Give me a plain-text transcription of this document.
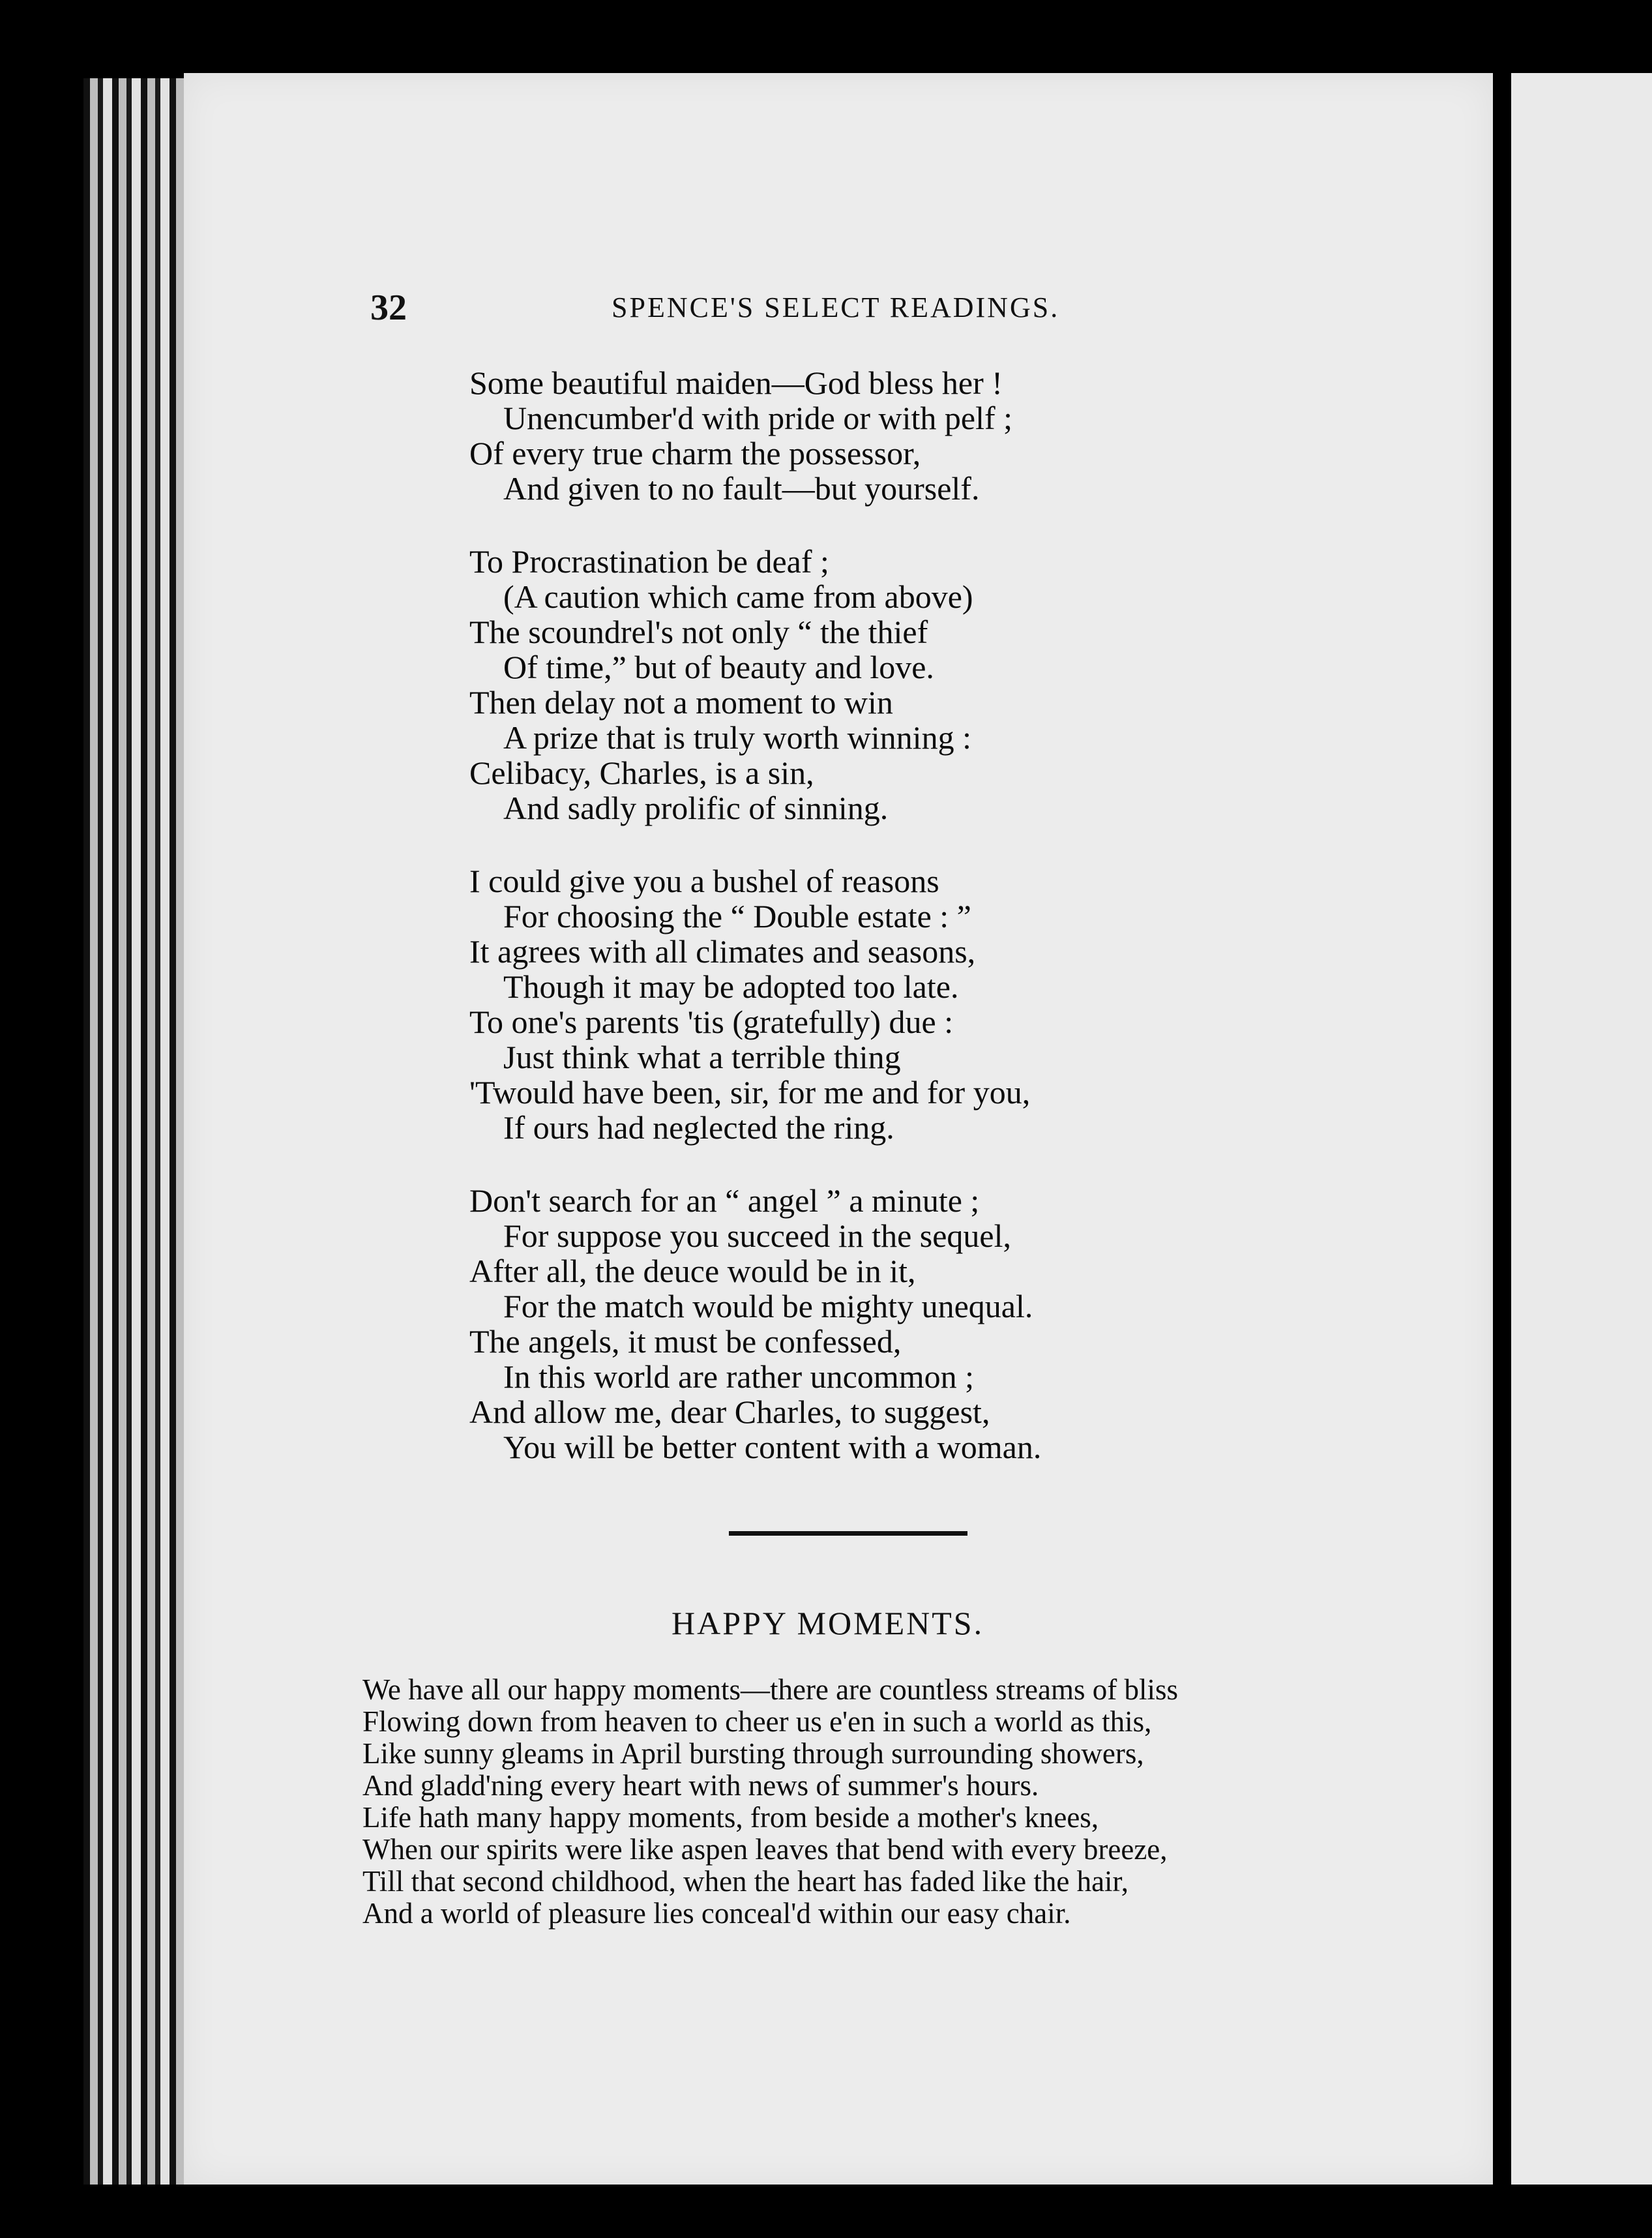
32	SPENCE'S SELECT READINGS.
Some beautiful maiden—God bless her !
Unencumber'd with pride or with pelf ;
Of every true charm the possessor,
And given to no fault—but yourself.
To Procrastination be deaf ;
(A caution which came from above)
The scoundrel's not only “ the thief
Of time,” but of beauty and love.
Then delay not a moment to win
A prize that is truly worth winning :
Celibacy, Charles, is a sin,
And sadly prolific of sinning.
I could give you a bushel of reasons
For choosing the “ Double estate : ”
It agrees with all climates and seasons,
Though it may be adopted too late.
To one's parents 'tis (gratefully) due :
Just think what a terrible thing
'Twould have been, sir, for me and for you,
If ours had neglected the ring.
Don't search for an “ angel ” a minute ;
For suppose you succeed in the sequel,
After all, the deuce would be in it,
For the match would be mighty unequal.
The angels, it must be confessed,
In this world are rather uncommon ;
And allow me, dear Charles, to suggest,
You will be better content with a woman.
HAPPY MOMENTS.
We have all our happy moments—there are countless streams of bliss
Flowing down from heaven to cheer us e'en in such a world as this,
Like sunny gleams in April bursting through surrounding showers,
And gladd'ning every heart with news of summer's hours.
Life hath many happy moments, from beside a mother's knees,
When our spirits were like aspen leaves that bend with every breeze,
Till that second childhood, when the heart has faded like the hair,
And a world of pleasure lies conceal'd within our easy chair.
